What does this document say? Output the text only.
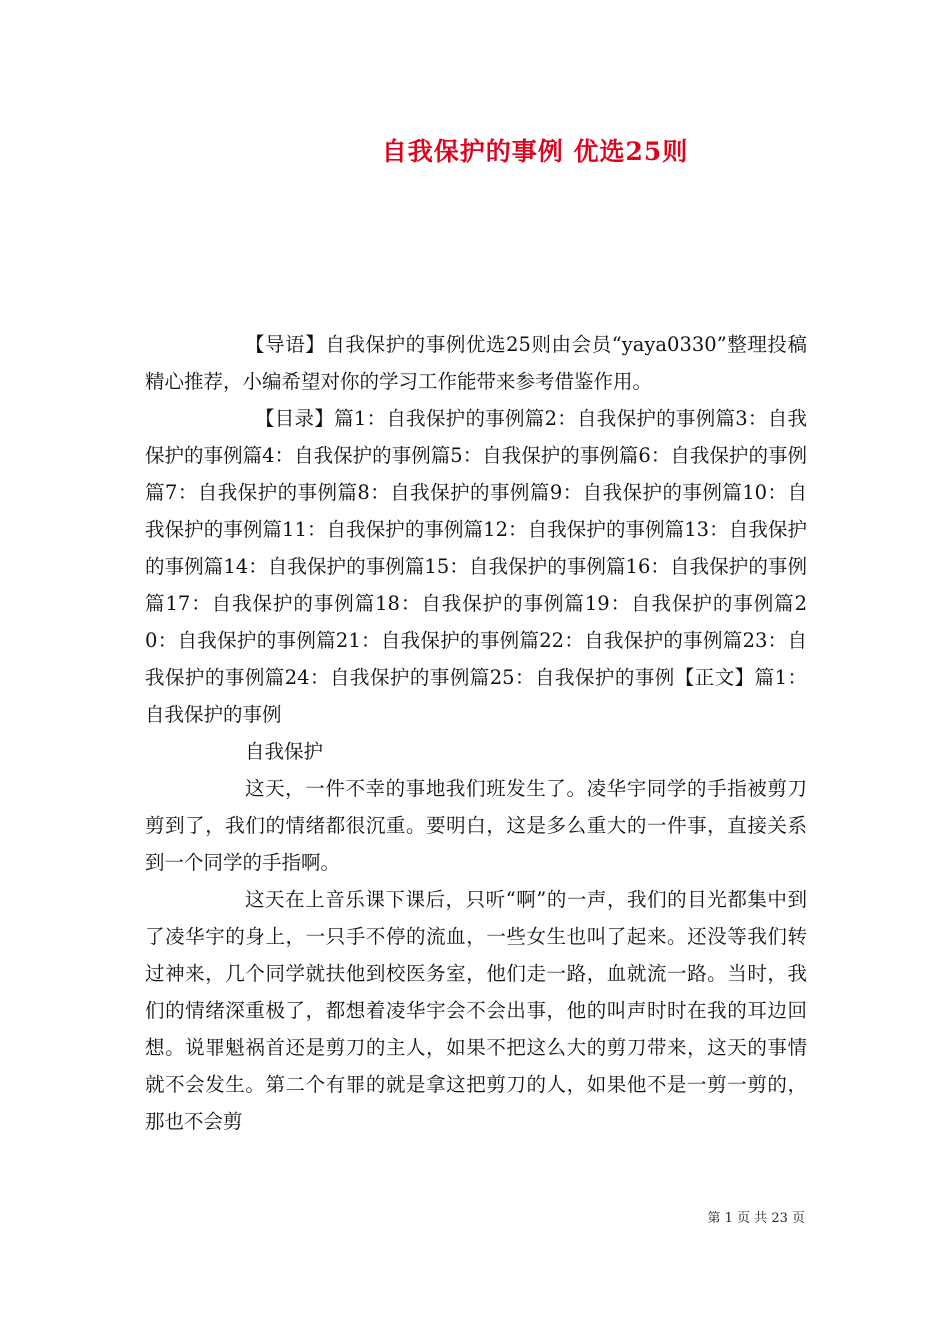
自我保护的事例 优选25则

【导语】自我保护的事例优选25则由会员“yaya0330”整理投稿精心推荐，小编希望对你的学习工作能带来参考借鉴作用。

【目录】篇1：自我保护的事例篇2：自我保护的事例篇3：自我保护的事例篇4：自我保护的事例篇5：自我保护的事例篇6：自我保护的事例篇7：自我保护的事例篇8：自我保护的事例篇9：自我保护的事例篇10：自我保护的事例篇11：自我保护的事例篇12：自我保护的事例篇13：自我保护的事例篇14：自我保护的事例篇15：自我保护的事例篇16：自我保护的事例篇17：自我保护的事例篇18：自我保护的事例篇19：自我保护的事例篇20：自我保护的事例篇21：自我保护的事例篇22：自我保护的事例篇23：自我保护的事例篇24：自我保护的事例篇25：自我保护的事例【正文】篇1：自我保护的事例

自我保护

这天，一件不幸的事地我们班发生了。凌华宇同学的手指被剪刀剪到了，我们的情绪都很沉重。要明白，这是多么重大的一件事，直接关系到一个同学的手指啊。

这天在上音乐课下课后，只听“啊”的一声，我们的目光都集中到了凌华宇的身上，一只手不停的流血，一些女生也叫了起来。还没等我们转过神来，几个同学就扶他到校医务室，他们走一路，血就流一路。当时，我们的情绪深重极了，都想着凌华宇会不会出事，他的叫声时时在我的耳边回想。说罪魁祸首还是剪刀的主人，如果不把这么大的剪刀带来，这天的事情就不会发生。第二个有罪的就是拿这把剪刀的人，如果他不是一剪一剪的，那也不会剪

第 1 页 共 23 页
